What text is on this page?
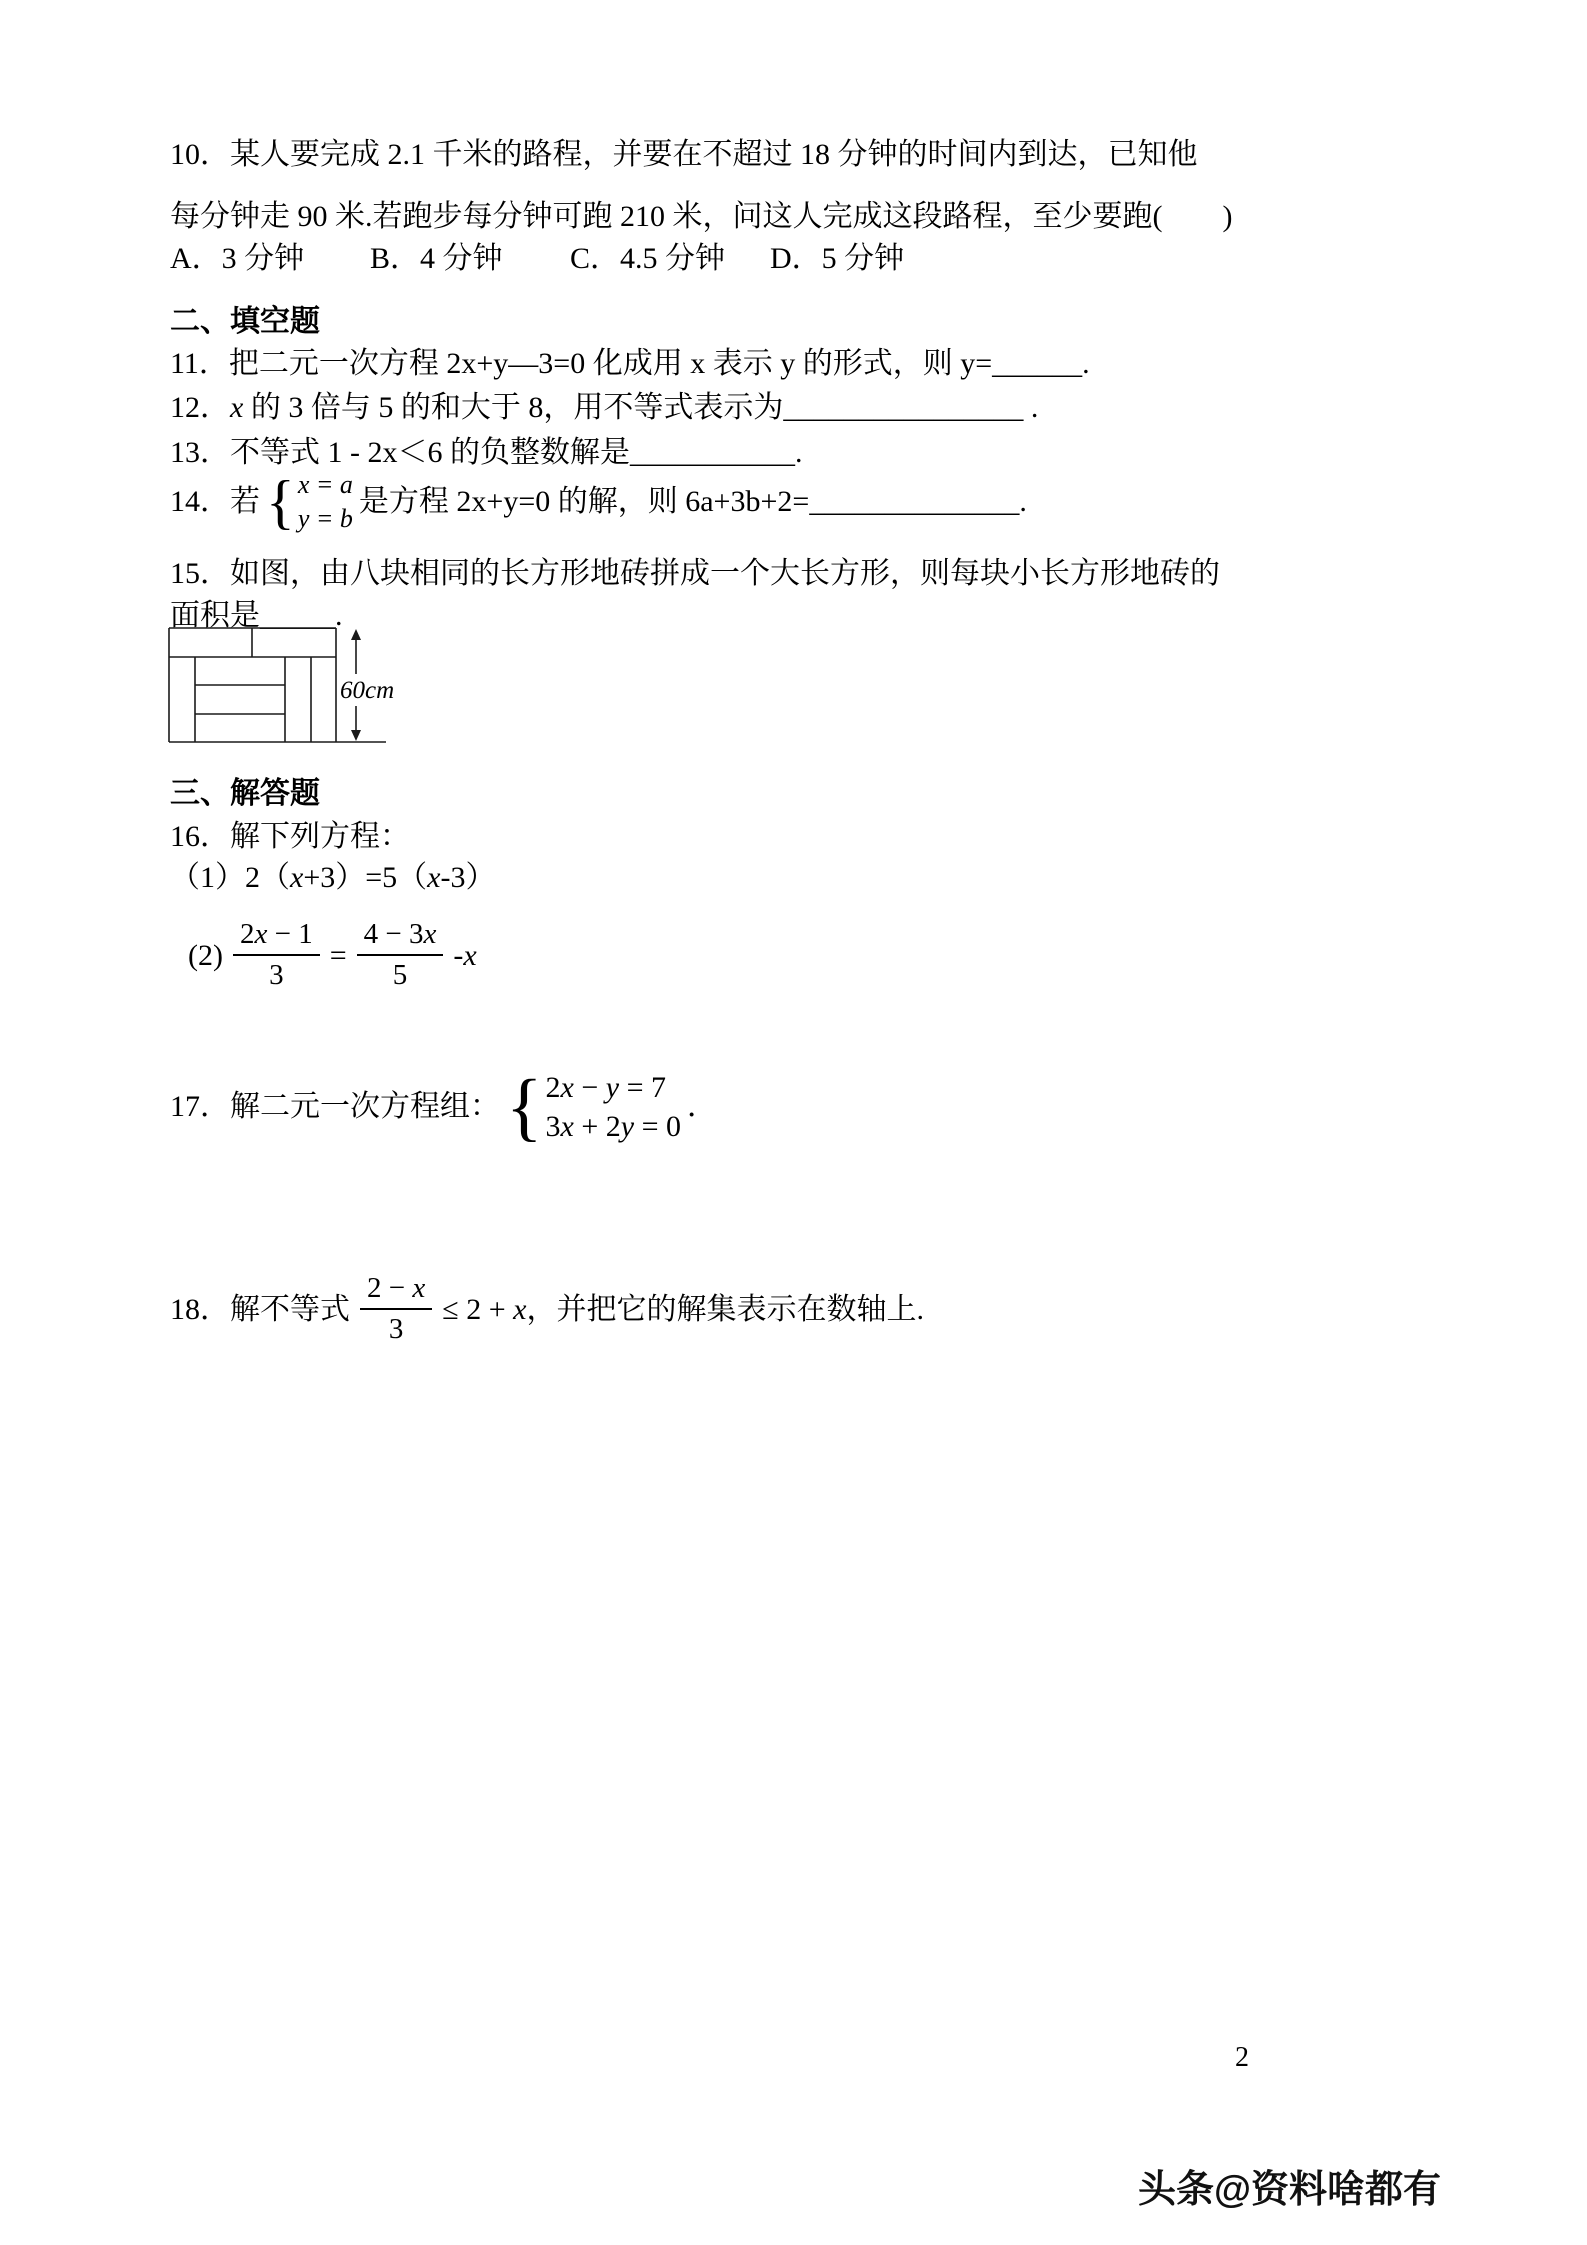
10．某人要完成 2.1 千米的路程，并要在不超过 18 分钟的时间内到达，已知他
每分钟走 90 米.若跑步每分钟可跑 210 米，问这人完成这段路程，至少要跑(　　)
A．3 分钟	B．4 分钟	C．4.5 分钟	D．5 分钟
二、填空题
11．把二元一次方程 2x+y—3=0 化成用 x 表示 y 的形式，则 y=______.
12．x 的 3 倍与 5 的和大于 8，用不等式表示为________________ .
13．不等式 1 - 2x＜6 的负整数解是___________.
14．若 { x = a
y = b
是方程 2x+y=0 的解，则 6a+3b+2=______________.
15．如图，由八块相同的长方形地砖拼成一个大长方形，则每块小长方形地砖的
面积是_____.
60cm
三、解答题
16．解下列方程：
（1）2（x+3）=5（x-3）
$(2) \frac{2x - 1}{3} = \frac{4 - 3x}{5} -x$
17．解二元一次方程组： { 2x − y = 7
3x + 2y = 0
．
18．解不等式 $\frac{2 - x}{3} \le 2 + x$ ，并把它的解集表示在数轴上.
2
头条@资料啥都有
